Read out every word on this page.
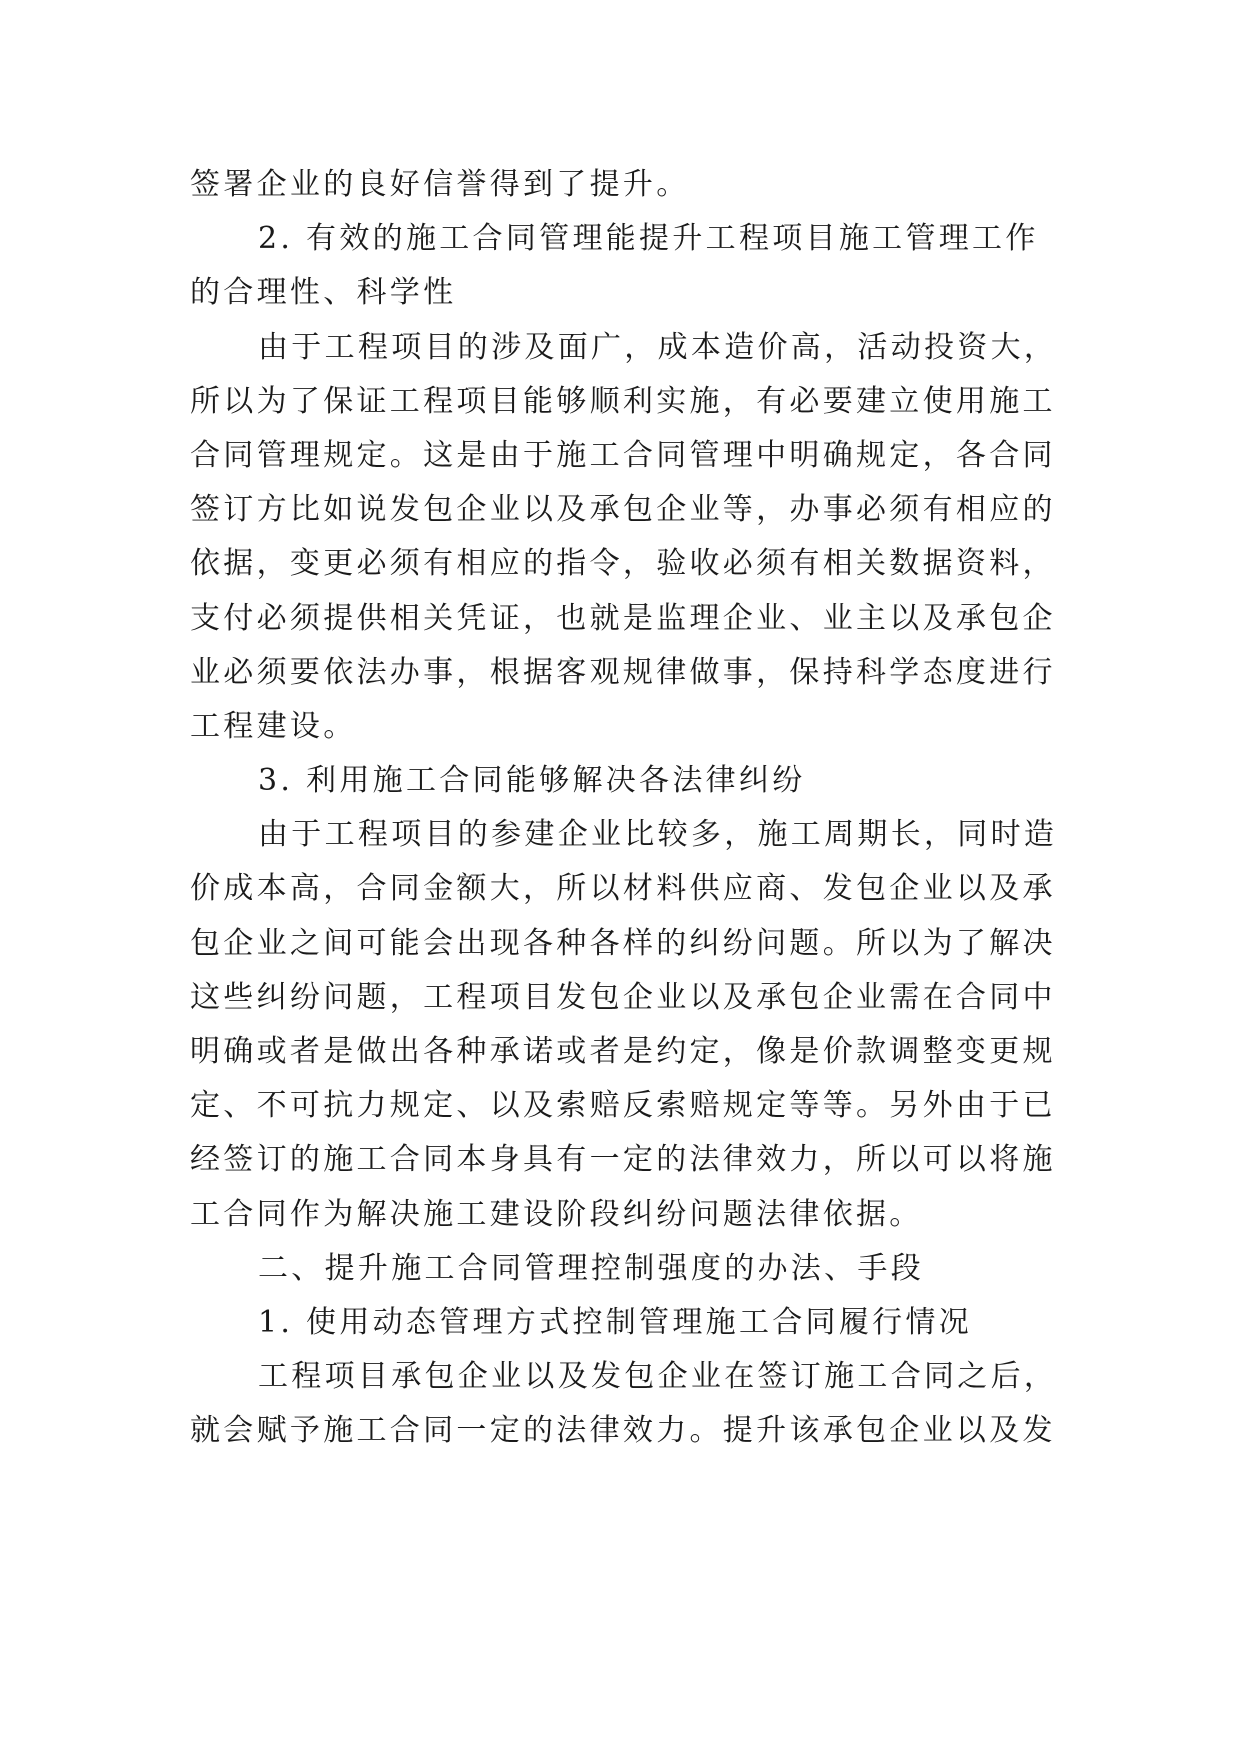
签署企业的良好信誉得到了提升。
2. 有效的施工合同管理能提升工程项目施工管理工作
的合理性、科学性
由于工程项目的涉及面广，成本造价高，活动投资大，
所以为了保证工程项目能够顺利实施，有必要建立使用施工
合同管理规定。这是由于施工合同管理中明确规定，各合同
签订方比如说发包企业以及承包企业等，办事必须有相应的
依据，变更必须有相应的指令，验收必须有相关数据资料，
支付必须提供相关凭证，也就是监理企业、业主以及承包企
业必须要依法办事，根据客观规律做事，保持科学态度进行
工程建设。
3. 利用施工合同能够解决各法律纠纷
由于工程项目的参建企业比较多，施工周期长，同时造
价成本高，合同金额大，所以材料供应商、发包企业以及承
包企业之间可能会出现各种各样的纠纷问题。所以为了解决
这些纠纷问题，工程项目发包企业以及承包企业需在合同中
明确或者是做出各种承诺或者是约定，像是价款调整变更规
定、不可抗力规定、以及索赔反索赔规定等等。另外由于已
经签订的施工合同本身具有一定的法律效力，所以可以将施
工合同作为解决施工建设阶段纠纷问题法律依据。
二、提升施工合同管理控制强度的办法、手段
1. 使用动态管理方式控制管理施工合同履行情况
工程项目承包企业以及发包企业在签订施工合同之后，
就会赋予施工合同一定的法律效力。提升该承包企业以及发
